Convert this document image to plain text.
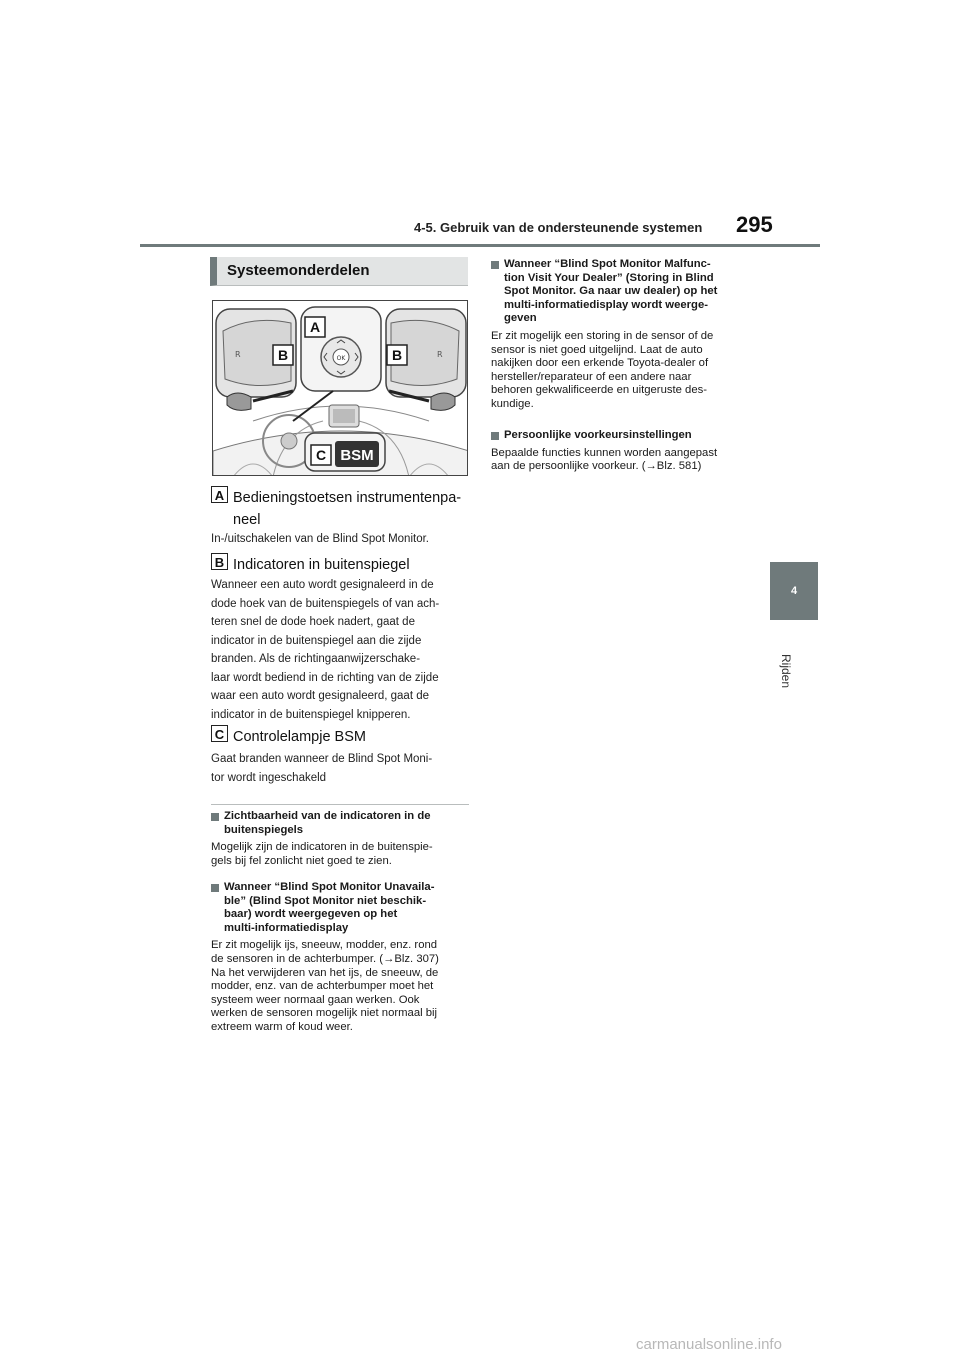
4-5. Gebruik van de ondersteunende systemen 295
4
Rijden
Systeemonderdelen
R	R
OK
A
B	B
C BSM
A Bedieningstoetsen instrumentenpa-
neel
In-/uitschakelen van de Blind Spot Monitor.
B Indicatoren in buitenspiegel
Wanneer een auto wordt gesignaleerd in de
dode hoek van de buitenspiegels of van ach-
teren snel de dode hoek nadert, gaat de
indicator in de buitenspiegel aan die zijde
branden. Als de richtingaanwijzerschake-
laar wordt bediend in de richting van de zijde
waar een auto wordt gesignaleerd, gaat de
indicator in de buitenspiegel knipperen.
C Controlelampje BSM
Gaat branden wanneer de Blind Spot Moni-
tor wordt ingeschakeld
Zichtbaarheid van de indicatoren in de
buitenspiegels
Mogelijk zijn de indicatoren in de buitenspie-
gels bij fel zonlicht niet goed te zien.
Wanneer “Blind Spot Monitor Unavaila-
ble” (Blind Spot Monitor niet beschik-
baar) wordt weergegeven op het
multi-informatiedisplay
Er zit mogelijk ijs, sneeuw, modder, enz. rond
de sensoren in de achterbumper. (→Blz. 307)
Na het verwijderen van het ijs, de sneeuw, de
modder, enz. van de achterbumper moet het
systeem weer normaal gaan werken. Ook
werken de sensoren mogelijk niet normaal bij
extreem warm of koud weer.
Wanneer “Blind Spot Monitor Malfunc-
tion Visit Your Dealer” (Storing in Blind
Spot Monitor. Ga naar uw dealer) op het
multi-informatiedisplay wordt weerge-
geven
Er zit mogelijk een storing in de sensor of de
sensor is niet goed uitgelijnd. Laat de auto
nakijken door een erkende Toyota-dealer of
hersteller/reparateur of een andere naar
behoren gekwalificeerde en uitgeruste des-
kundige.
Persoonlijke voorkeursinstellingen
Bepaalde functies kunnen worden aangepast
aan de persoonlijke voorkeur. (→Blz. 581)
carmanualsonline.info
